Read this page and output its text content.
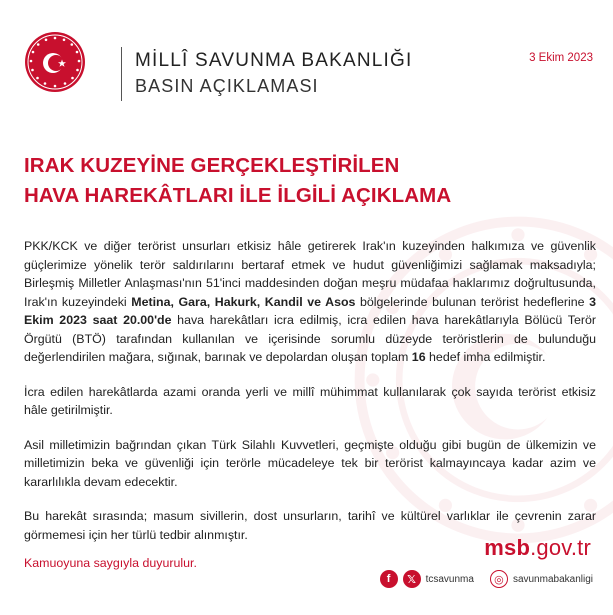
MİLLÎ SAVUNMA BAKANLIĞI
BASIN AÇIKLAMASI
3 Ekim 2023
IRAK KUZEYİNE GERÇEKLEŞTİRİLEN
HAVA HAREKÂTLARI İLE İLGİLİ AÇIKLAMA

PKK/KCK ve diğer terörist unsurları etkisiz hâle getirerek Irak'ın kuzeyinden halkımıza ve güvenlik güçlerimize yönelik terör saldırılarını bertaraf etmek ve hudut güvenliğimizi sağlamak maksadıyla; Birleşmiş Milletler Anlaşması'nın 51'inci maddesinden doğan meşru müdafaa haklarımız doğrultusunda, Irak'ın kuzeyindeki Metina, Gara, Hakurk, Kandil ve Asos bölgelerinde bulunan terörist hedeflerine 3 Ekim 2023 saat 20.00'de hava harekâtları icra edilmiş, icra edilen hava harekâtlarıyla Bölücü Terör Örgütü (BTÖ) tarafından kullanılan ve içerisinde sorumlu düzeyde teröristlerin de bulunduğu değerlendirilen mağara, sığınak, barınak ve depolardan oluşan toplam 16 hedef imha edilmiştir.

İcra edilen harekâtlarda azami oranda yerli ve millî mühimmat kullanılarak çok sayıda terörist etkisiz hâle getirilmiştir.

Asil milletimizin bağrından çıkan Türk Silahlı Kuvvetleri, geçmişte olduğu gibi bugün de ülkemizin ve milletimizin beka ve güvenliği için terörle mücadeleye tek bir terörist kalmayıncaya kadar azim ve kararlılıkla devam edecektir.

Bu harekât sırasında; masum sivillerin, dost unsurların, tarihî ve kültürel varlıklar ile çevrenin zarar görmemesi için her türlü tedbir alınmıştır.

Kamuoyuna saygıyla duyurulur.
msb.gov.tr
f	𝕏 tcsavunma	◎ savunmabakanligi
